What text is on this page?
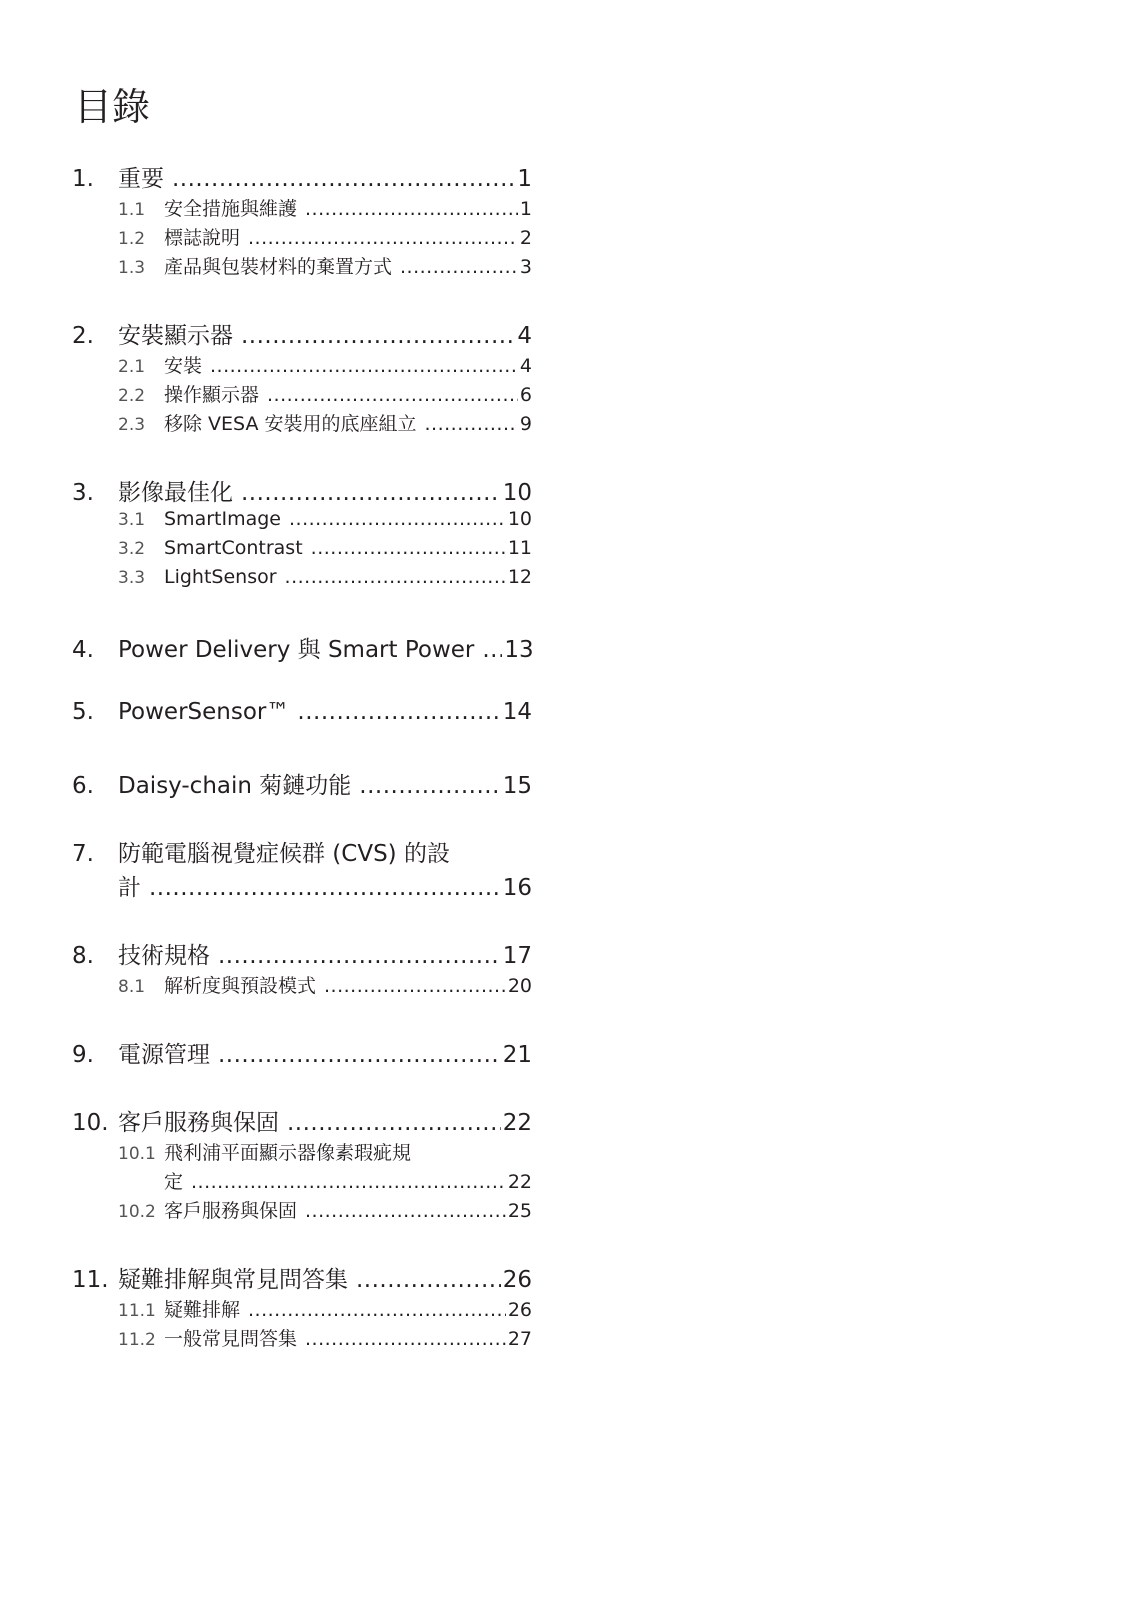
目錄
1.	重要 .....	1
1.1 安全措施與維護 .....	1
1.2 標誌說明 .....	2
1.3 產品與包裝材料的棄置方式 .....	3
2.	安裝顯示器 .....	4
2.1 安裝 .....	4
2.2 操作顯示器 .....	6
2.3 移除 VESA 安裝用的底座組立 .....	9
3.	影像最佳化 .....	10
3.1 SmartImage .....	10
3.2 SmartContrast .....	11
3.3 LightSensor .....	12
4.	Power Delivery 與 Smart Power ..... 13
5.	PowerSensor™ .....	14
6.	Daisy-chain 菊鏈功能 .....	15
7.	防範電腦視覺症候群 (CVS) 的設
計 .....	16
8.	技術規格 .....	17
8.1 解析度與預設模式 .....	20
9.	電源管理 .....	21
10. 客戶服務與保固 .....	22
10.1 飛利浦平面顯示器像素瑕疵規
定 .....	22
10.2 客戶服務與保固 .....	25
11. 疑難排解與常見問答集 .....	26
11.1 疑難排解 .....	26
11.2 一般常見問答集 .....	27
